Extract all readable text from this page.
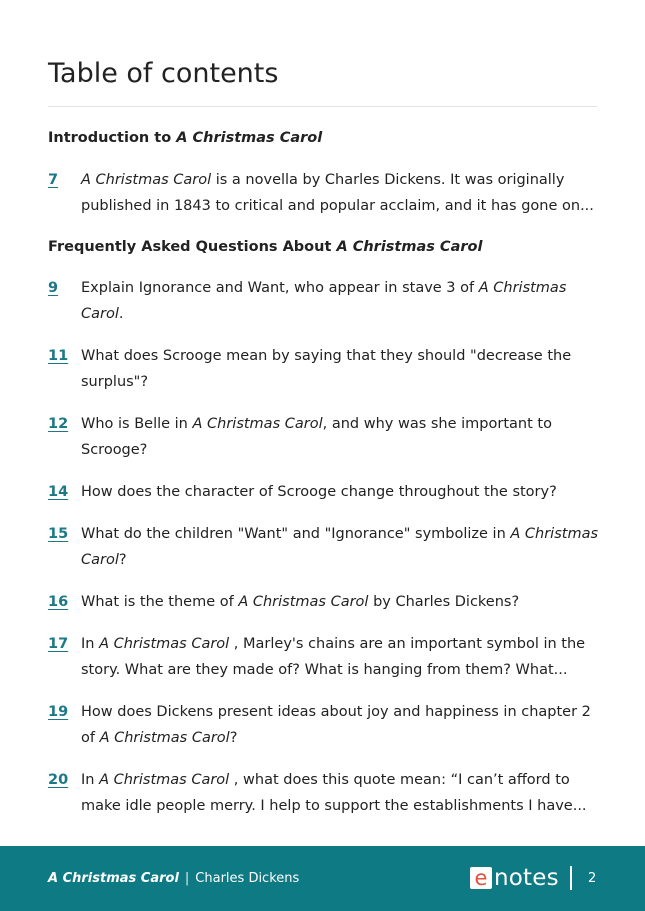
Table of contents
Introduction to A Christmas Carol
7 A Christmas Carol is a novella by Charles Dickens. It was originally published in 1843 to critical and popular acclaim, and it has gone on...
Frequently Asked Questions About A Christmas Carol
9 Explain Ignorance and Want, who appear in stave 3 of A Christmas Carol.
11 What does Scrooge mean by saying that they should "decrease the surplus"?
12 Who is Belle in A Christmas Carol, and why was she important to Scrooge?
14 How does the character of Scrooge change throughout the story?
15 What do the children "Want" and "Ignorance" symbolize in A Christmas Carol?
16 What is the theme of A Christmas Carol by Charles Dickens?
17 In A Christmas Carol , Marley's chains are an important symbol in the story. What are they made of? What is hanging from them? What...
19 How does Dickens present ideas about joy and happiness in chapter 2 of A Christmas Carol?
20 In A Christmas Carol , what does this quote mean: “I can’t afford to make idle people merry. I help to support the establishments I have...
A Christmas Carol | Charles Dickens	e notes 2
